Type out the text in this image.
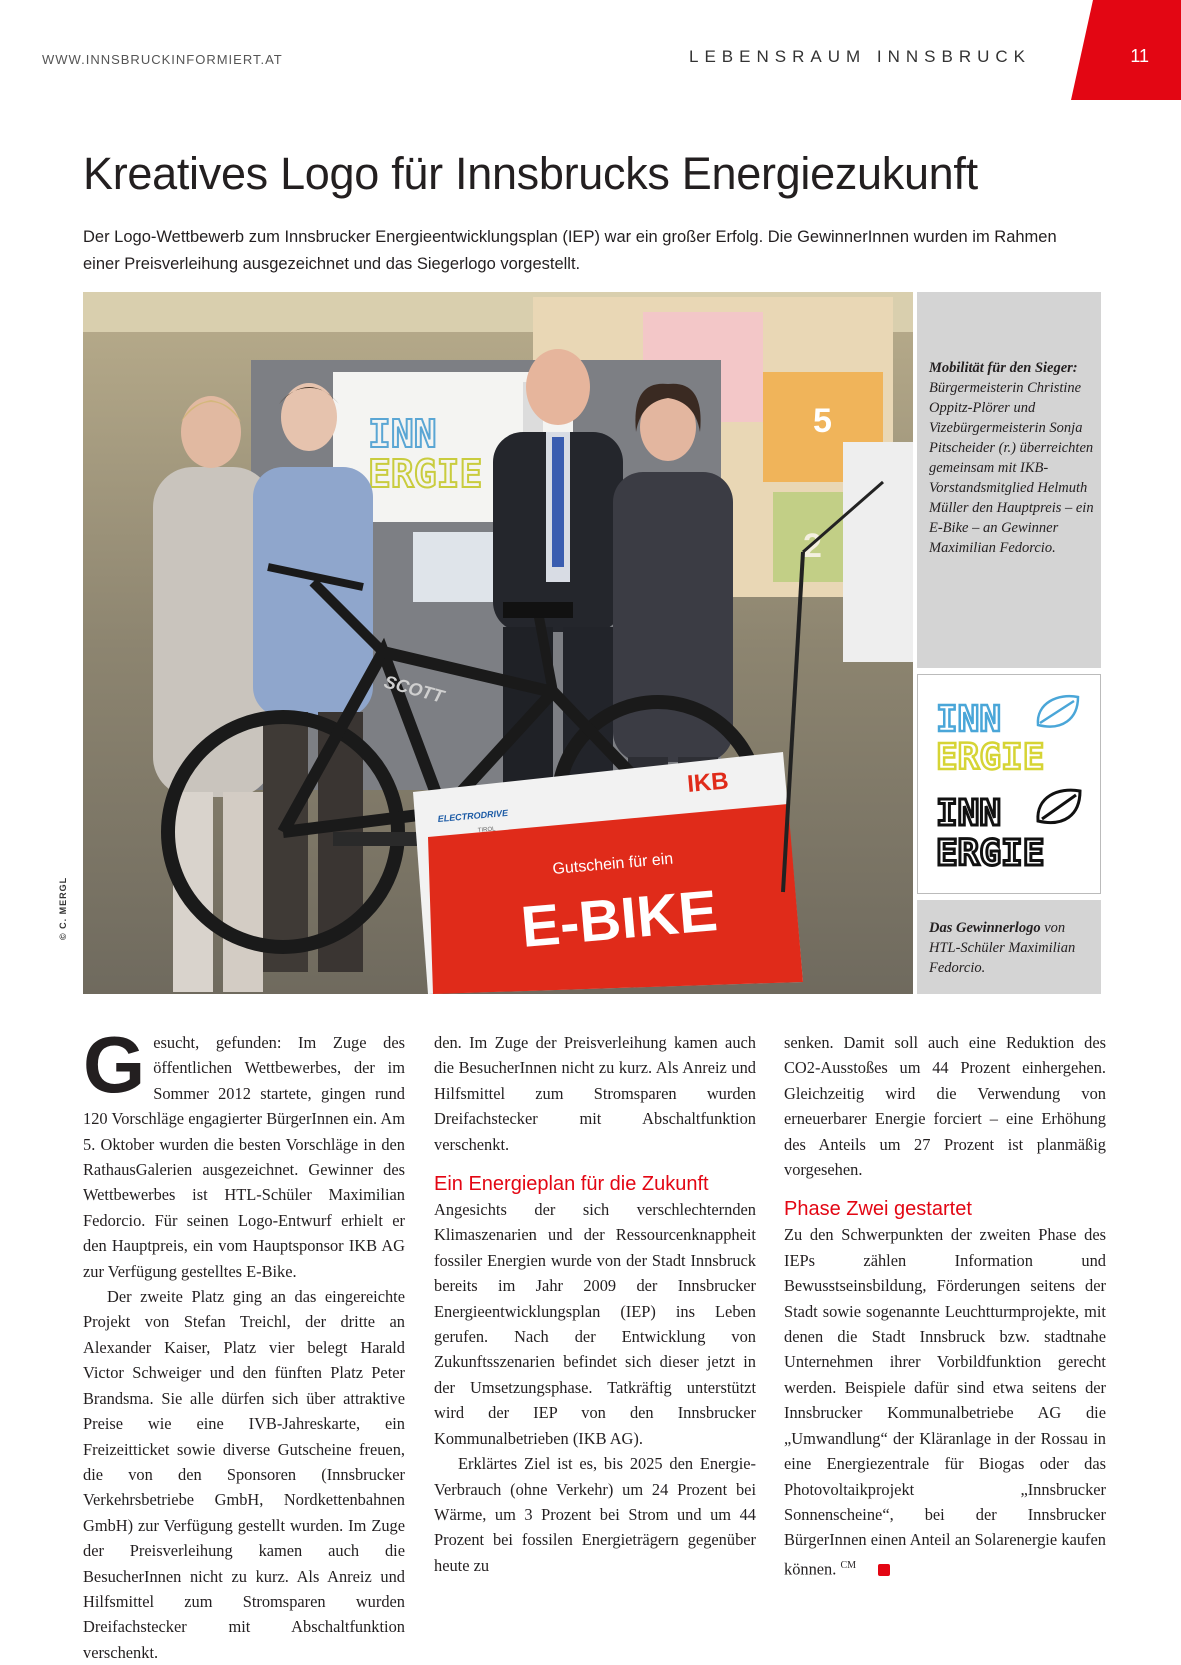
WWW.INNSBRUCKINFORMIERT.AT	LEBENSRAUM INNSBRUCK	11
Kreatives Logo für Innsbrucks Energiezukunft

Der Logo-Wettbewerb zum Innsbrucker Energieentwicklungsplan (IEP) war ein großer Erfolg. Die GewinnerInnen wurden im Rahmen einer Preisverleihung ausgezeichnet und das Siegerlogo vorgestellt.

5
2
INN
ERGIE
SCOTT
Gutschein für ein
E-BIKE
IKB
ELECTRODRIVE
TIROL
© C. MERGL
Mobilität für den Sieger: Bürgermeisterin Christine Oppitz-Plörer und Vizebürgermeisterin Sonja Pitscheider (r.) überreichten gemeinsam mit IKB-Vorstandsmitglied Helmuth Müller den Hauptpreis – ein E-Bike – an Gewinner Maximilian Fedorcio.
INN
ERGIE
INN
ERGIE
Das Gewinnerlogo von HTL-Schüler Maximilian Fedorcio.

Gesucht, gefunden: Im Zuge des öffentlichen Wettbewerbes, der im Sommer 2012 startete, gingen rund 120 Vorschläge engagierter BürgerInnen ein. Am 5. Oktober wurden die besten Vorschläge in den RathausGalerien ausgezeichnet. Gewinner des Wettbewerbes ist HTL-Schüler Maximilian Fedorcio. Für seinen Logo-Entwurf erhielt er den Hauptpreis, ein vom Hauptsponsor IKB AG zur Verfügung gestelltes E-Bike.

Der zweite Platz ging an das eingereichte Projekt von Stefan Treichl, der dritte an Alexander Kaiser, Platz vier belegt Harald Victor Schweiger und den fünften Platz Peter Brandsma. Sie alle dürfen sich über attraktive Preise wie eine IVB-Jahreskarte, ein Freizeitticket sowie diverse Gutscheine freuen, die von den Sponsoren (Innsbrucker Verkehrsbetriebe GmbH, Nordkettenbahnen GmbH) zur Verfügung gestellt wurden. Im Zuge der Preisverleihung kamen auch die BesucherInnen nicht zu kurz. Als Anreiz und Hilfsmittel zum Stromsparen wurden Dreifachstecker mit Abschaltfunktion verschenkt.

den. Im Zuge der Preisverleihung kamen auch die BesucherInnen nicht zu kurz. Als Anreiz und Hilfsmittel zum Stromsparen wurden Dreifachstecker mit Abschaltfunktion verschenkt.

Ein Energieplan für die Zukunft

Angesichts der sich verschlechternden Klimaszenarien und der Ressourcenknappheit fossiler Energien wurde von der Stadt Innsbruck bereits im Jahr 2009 der Innsbrucker Energieentwicklungsplan (IEP) ins Leben gerufen. Nach der Entwicklung von Zukunftsszenarien befindet sich dieser jetzt in der Umsetzungsphase. Tatkräftig unterstützt wird der IEP von den Innsbrucker Kommunalbetrieben (IKB AG).

Erklärtes Ziel ist es, bis 2025 den Energie-Verbrauch (ohne Verkehr) um 24 Prozent bei Wärme, um 3 Prozent bei Strom und um 44 Prozent bei fossilen Energieträgern gegenüber heute zu

senken. Damit soll auch eine Reduktion des CO2-Ausstoßes um 44 Prozent einhergehen. Gleichzeitig wird die Verwendung von erneuerbarer Energie forciert – eine Erhöhung des Anteils um 27 Prozent ist planmäßig vorgesehen.

Phase Zwei gestartet

Zu den Schwerpunkten der zweiten Phase des IEPs zählen Information und Bewusstseinsbildung, Förderungen seitens der Stadt sowie sogenannte Leuchtturmprojekte, mit denen die Stadt Innsbruck bzw. stadtnahe Unternehmen ihrer Vorbildfunktion gerecht werden. Beispiele dafür sind etwa seitens der Innsbrucker Kommunalbetriebe AG die „Umwandlung“ der Kläranlage in der Rossau in eine Energiezentrale für Biogas oder das Photovoltaikprojekt „Innsbrucker Sonnenscheine“, bei der Innsbrucker BürgerInnen einen Anteil an Solarenergie kaufen können. $^{CM}$
